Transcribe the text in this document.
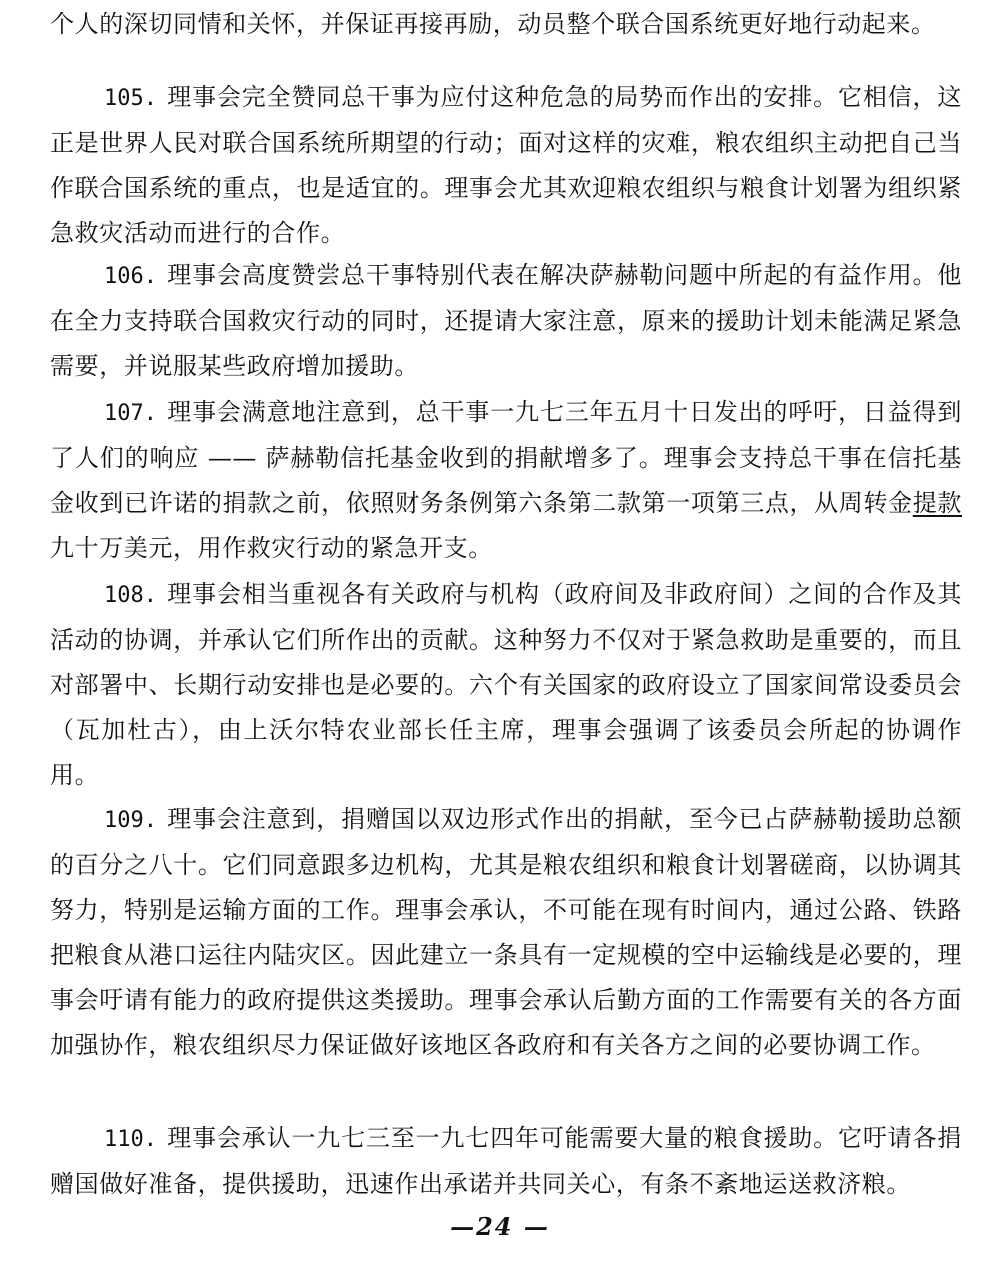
个人的深切同情和关怀，并保证再接再励，动员整个联合国系统更好地行动起来。

105. 理事会完全赞同总干事为应付这种危急的局势而作出的安排。它相信，这正是世界人民对联合国系统所期望的行动；面对这样的灾难，粮农组织主动把自己当作联合国系统的重点，也是适宜的。理事会尤其欢迎粮农组织与粮食计划署为组织紧急救灾活动而进行的合作。

106. 理事会高度赞尝总干事特别代表在解决萨赫勒问题中所起的有益作用。他在全力支持联合国救灾行动的同时，还提请大家注意，原来的援助计划未能满足紧急需要，并说服某些政府增加援助。

107. 理事会满意地注意到，总干事一九七三年五月十日发出的呼吁，日益得到了人们的响应 —— 萨赫勒信托基金收到的捐献增多了。理事会支持总干事在信托基金收到已许诺的捐款之前，依照财务条例第六条第二款第一项第三点，从周转金提款九十万美元，用作救灾行动的紧急开支。

108. 理事会相当重视各有关政府与机构（政府间及非政府间）之间的合作及其活动的协调，并承认它们所作出的贡献。这种努力不仅对于紧急救助是重要的，而且对部署中、长期行动安排也是必要的。六个有关国家的政府设立了国家间常设委员会（瓦加杜古），由上沃尔特农业部长任主席，理事会强调了该委员会所起的协调作用。

109. 理事会注意到，捐赠国以双边形式作出的捐献，至今已占萨赫勒援助总额的百分之八十。它们同意跟多边机构，尤其是粮农组织和粮食计划署磋商，以协调其努力，特别是运输方面的工作。理事会承认，不可能在现有时间内，通过公路、铁路把粮食从港口运往内陆灾区。因此建立一条具有一定规模的空中运输线是必要的，理事会吁请有能力的政府提供这类援助。理事会承认后勤方面的工作需要有关的各方面加强协作，粮农组织尽力保证做好该地区各政府和有关各方之间的必要协调工作。

110. 理事会承认一九七三至一九七四年可能需要大量的粮食援助。它吁请各捐赠国做好准备，提供援助，迅速作出承诺并共同关心，有条不紊地运送救济粮。

—24 —
